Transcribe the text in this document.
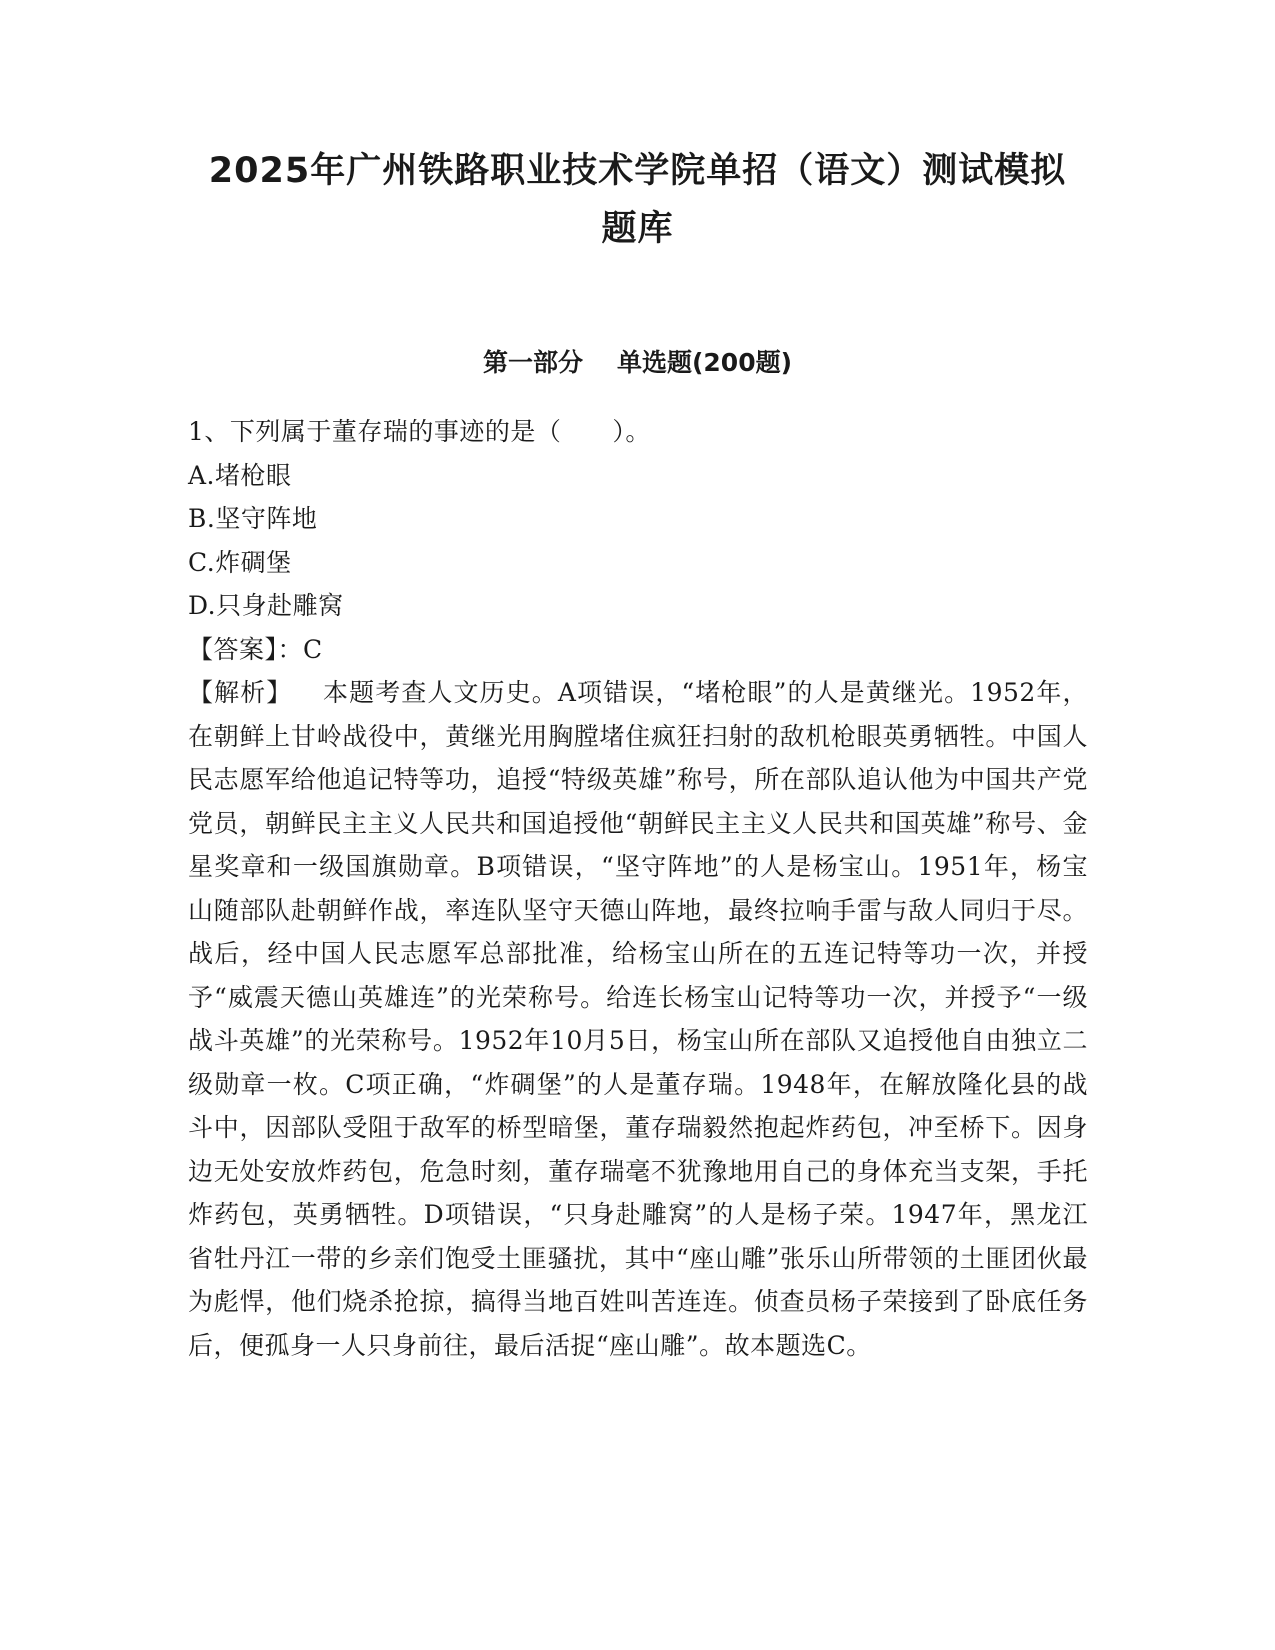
2025年广州铁路职业技术学院单招（语文）测试模拟
题库
第一部分 单选题(200题)

1、下列属于董存瑞的事迹的是（　　）。

A.堵枪眼

B.坚守阵地

C.炸碉堡

D.只身赴雕窝

【答案】：C

【解析】 本题考查人文历史。A项错误，“堵枪眼”的人是黄继光。1952年，在朝鲜上甘岭战役中，黄继光用胸膛堵住疯狂扫射的敌机枪眼英勇牺牲。中国人民志愿军给他追记特等功，追授“特级英雄”称号，所在部队追认他为中国共产党党员，朝鲜民主主义人民共和国追授他“朝鲜民主主义人民共和国英雄”称号、金星奖章和一级国旗勋章。B项错误，“坚守阵地”的人是杨宝山。1951年，杨宝山随部队赴朝鲜作战，率连队坚守天德山阵地，最终拉响手雷与敌人同归于尽。战后，经中国人民志愿军总部批准，给杨宝山所在的五连记特等功一次，并授予“威震天德山英雄连”的光荣称号。给连长杨宝山记特等功一次，并授予“一级战斗英雄”的光荣称号。1952年10月5日，杨宝山所在部队又追授他自由独立二级勋章一枚。C项正确，“炸碉堡”的人是董存瑞。1948年，在解放隆化县的战斗中，因部队受阻于敌军的桥型暗堡，董存瑞毅然抱起炸药包，冲至桥下。因身边无处安放炸药包，危急时刻，董存瑞毫不犹豫地用自己的身体充当支架，手托炸药包，英勇牺牲。D项错误，“只身赴雕窝”的人是杨子荣。1947年，黑龙江省牡丹江一带的乡亲们饱受土匪骚扰，其中“座山雕”张乐山所带领的土匪团伙最为彪悍，他们烧杀抢掠，搞得当地百姓叫苦连连。侦查员杨子荣接到了卧底任务后，便孤身一人只身前往，最后活捉“座山雕”。故本题选C。
